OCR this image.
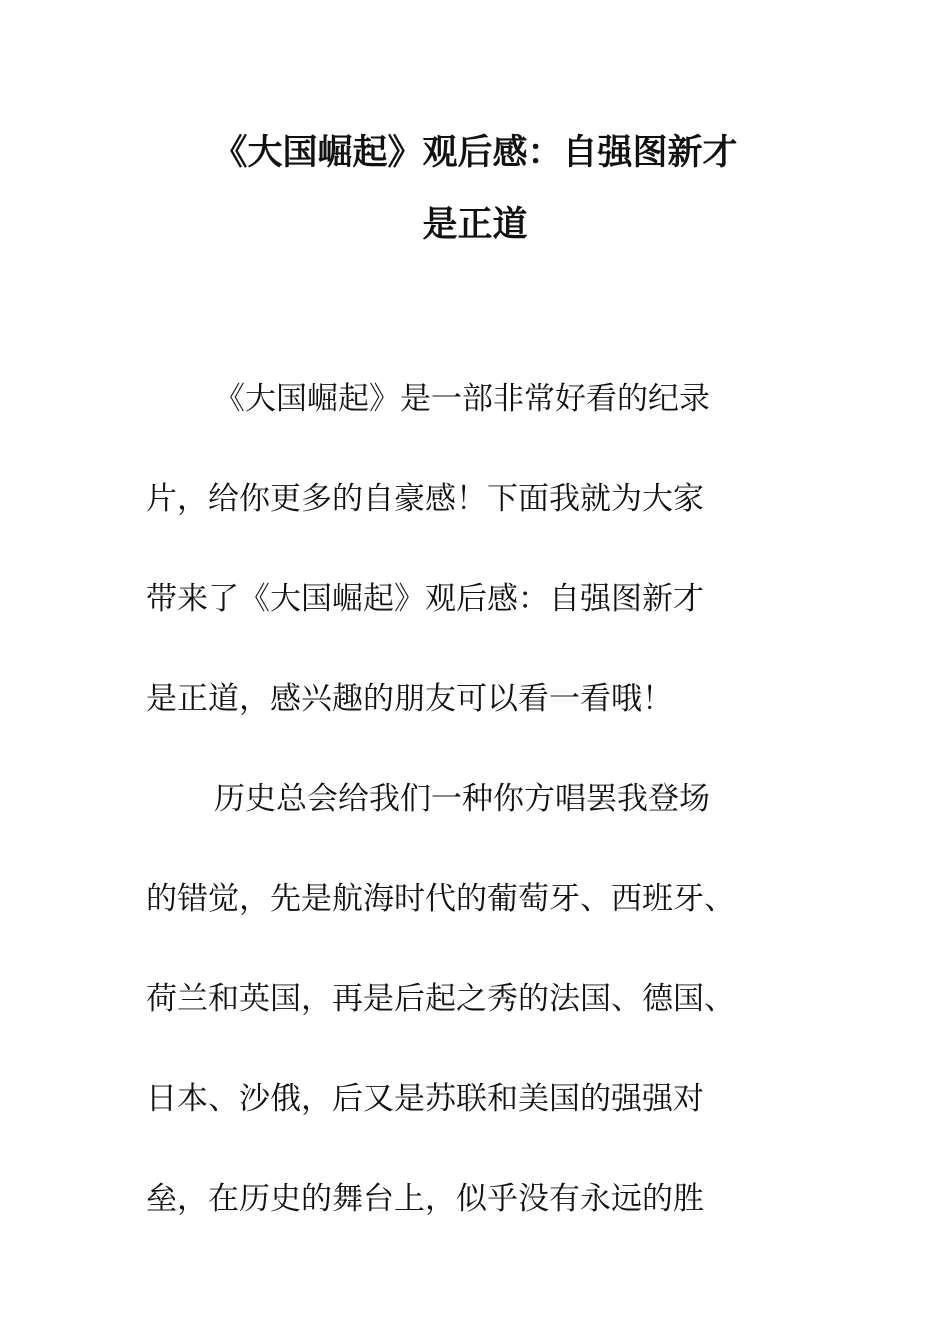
《大国崛起》观后感：自强图新才
是正道

《大国崛起》是一部非常好看的纪录

片，给你更多的自豪感！下面我就为大家

带来了《大国崛起》观后感：自强图新才

是正道，感兴趣的朋友可以看一看哦！

历史总会给我们一种你方唱罢我登场

的错觉，先是航海时代的葡萄牙、西班牙、

荷兰和英国，再是后起之秀的法国、德国、

日本、沙俄，后又是苏联和美国的强强对

垒，在历史的舞台上，似乎没有永远的胜
